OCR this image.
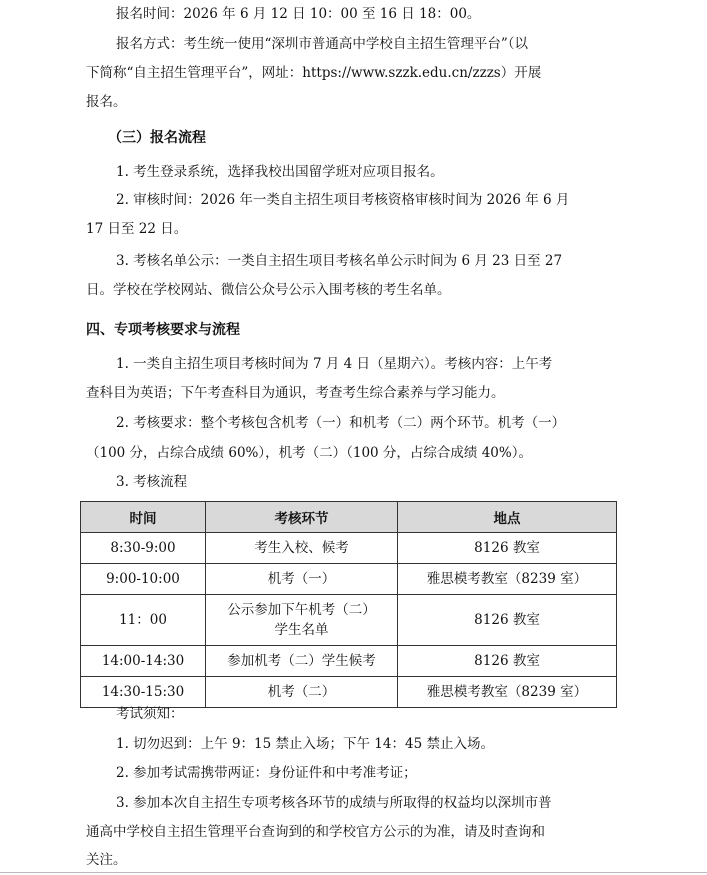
报名时间：2026 年 6 月 12 日 10：00 至 16 日 18：00。
报名方式：考生统一使用“深圳市普通高中学校自主招生管理平台”（以
下简称“自主招生管理平台”，网址：https://www.szzk.edu.cn/zzzs）开展
报名。
（三）报名流程
1. 考生登录系统，选择我校出国留学班对应项目报名。
2. 审核时间：2026 年一类自主招生项目考核资格审核时间为 2026 年 6 月
17 日至 22 日。
3. 考核名单公示：一类自主招生项目考核名单公示时间为 6 月 23 日至 27
日。学校在学校网站、微信公众号公示入围考核的考生名单。
四、专项考核要求与流程
1. 一类自主招生项目考核时间为 7 月 4 日（星期六）。考核内容：上午考
查科目为英语；下午考查科目为通识，考查考生综合素养与学习能力。
2. 考核要求：整个考核包含机考（一）和机考（二）两个环节。机考（一）
（100 分，占综合成绩 60%），机考（二）（100 分，占综合成绩 40%）。
3. 考核流程
时间	考核环节	地点
8:30-9:00	考生入校、候考	8126 教室
9:00-10:00	机考（一）	雅思模考教室（8239 室）
11：00	公示参加下午机考（二）
学生名单	8126 教室
14:00-14:30	参加机考（二）学生候考	8126 教室
14:30-15:30	机考（二）	雅思模考教室（8239 室）
考试须知：
1. 切勿迟到：上午 9：15 禁止入场；下午 14：45 禁止入场。
2. 参加考试需携带两证：身份证件和中考准考证；
3. 参加本次自主招生专项考核各环节的成绩与所取得的权益均以深圳市普
通高中学校自主招生管理平台查询到的和学校官方公示的为准，请及时查询和
关注。
